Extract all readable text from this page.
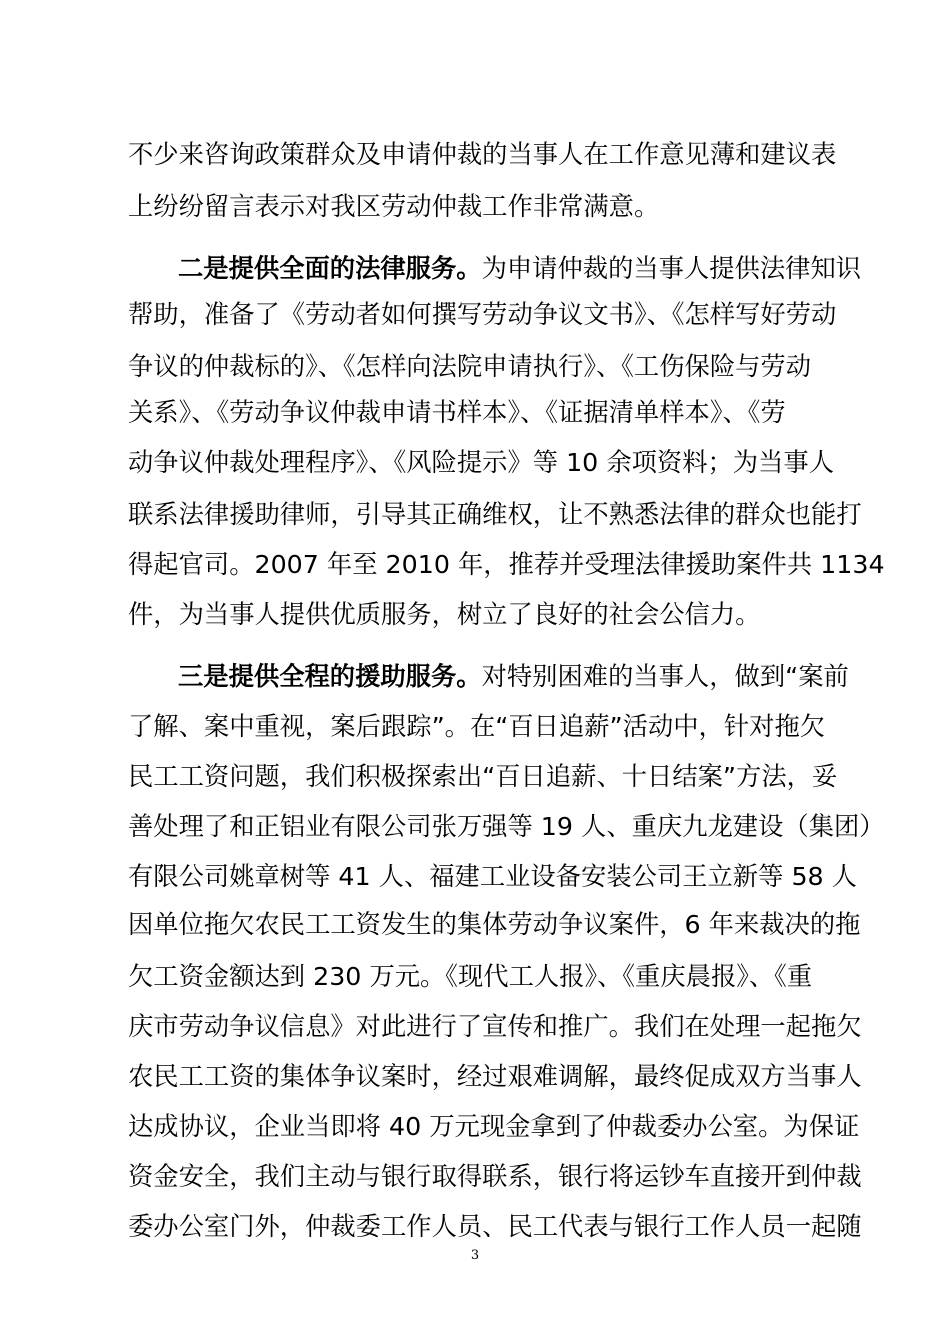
不少来咨询政策群众及申请仲裁的当事人在工作意见薄和建议表
上纷纷留言表示对我区劳动仲裁工作非常满意。
二是提供全面的法律服务。为申请仲裁的当事人提供法律知识
帮助，准备了《劳动者如何撰写劳动争议文书》、《怎样写好劳动
争议的仲裁标的》、《怎样向法院申请执行》、《工伤保险与劳动
关系》、《劳动争议仲裁申请书样本》、《证据清单样本》、《劳
动争议仲裁处理程序》、《风险提示》等 10 余项资料；为当事人
联系法律援助律师，引导其正确维权，让不熟悉法律的群众也能打
得起官司。2007 年至 2010 年，推荐并受理法律援助案件共 1134
件，为当事人提供优质服务，树立了良好的社会公信力。
三是提供全程的援助服务。对特别困难的当事人，做到“案前
了解、案中重视，案后跟踪”。在“百日追薪”活动中，针对拖欠
民工工资问题，我们积极探索出“百日追薪、十日结案”方法，妥
善处理了和正铝业有限公司张万强等 19 人、重庆九龙建设（集团）
有限公司姚章树等 41 人、福建工业设备安装公司王立新等 58 人
因单位拖欠农民工工资发生的集体劳动争议案件，6 年来裁决的拖
欠工资金额达到 230 万元。《现代工人报》、《重庆晨报》、《重
庆市劳动争议信息》对此进行了宣传和推广。我们在处理一起拖欠
农民工工资的集体争议案时，经过艰难调解，最终促成双方当事人
达成协议，企业当即将 40 万元现金拿到了仲裁委办公室。为保证
资金安全，我们主动与银行取得联系，银行将运钞车直接开到仲裁
委办公室门外，仲裁委工作人员、民工代表与银行工作人员一起随
3
